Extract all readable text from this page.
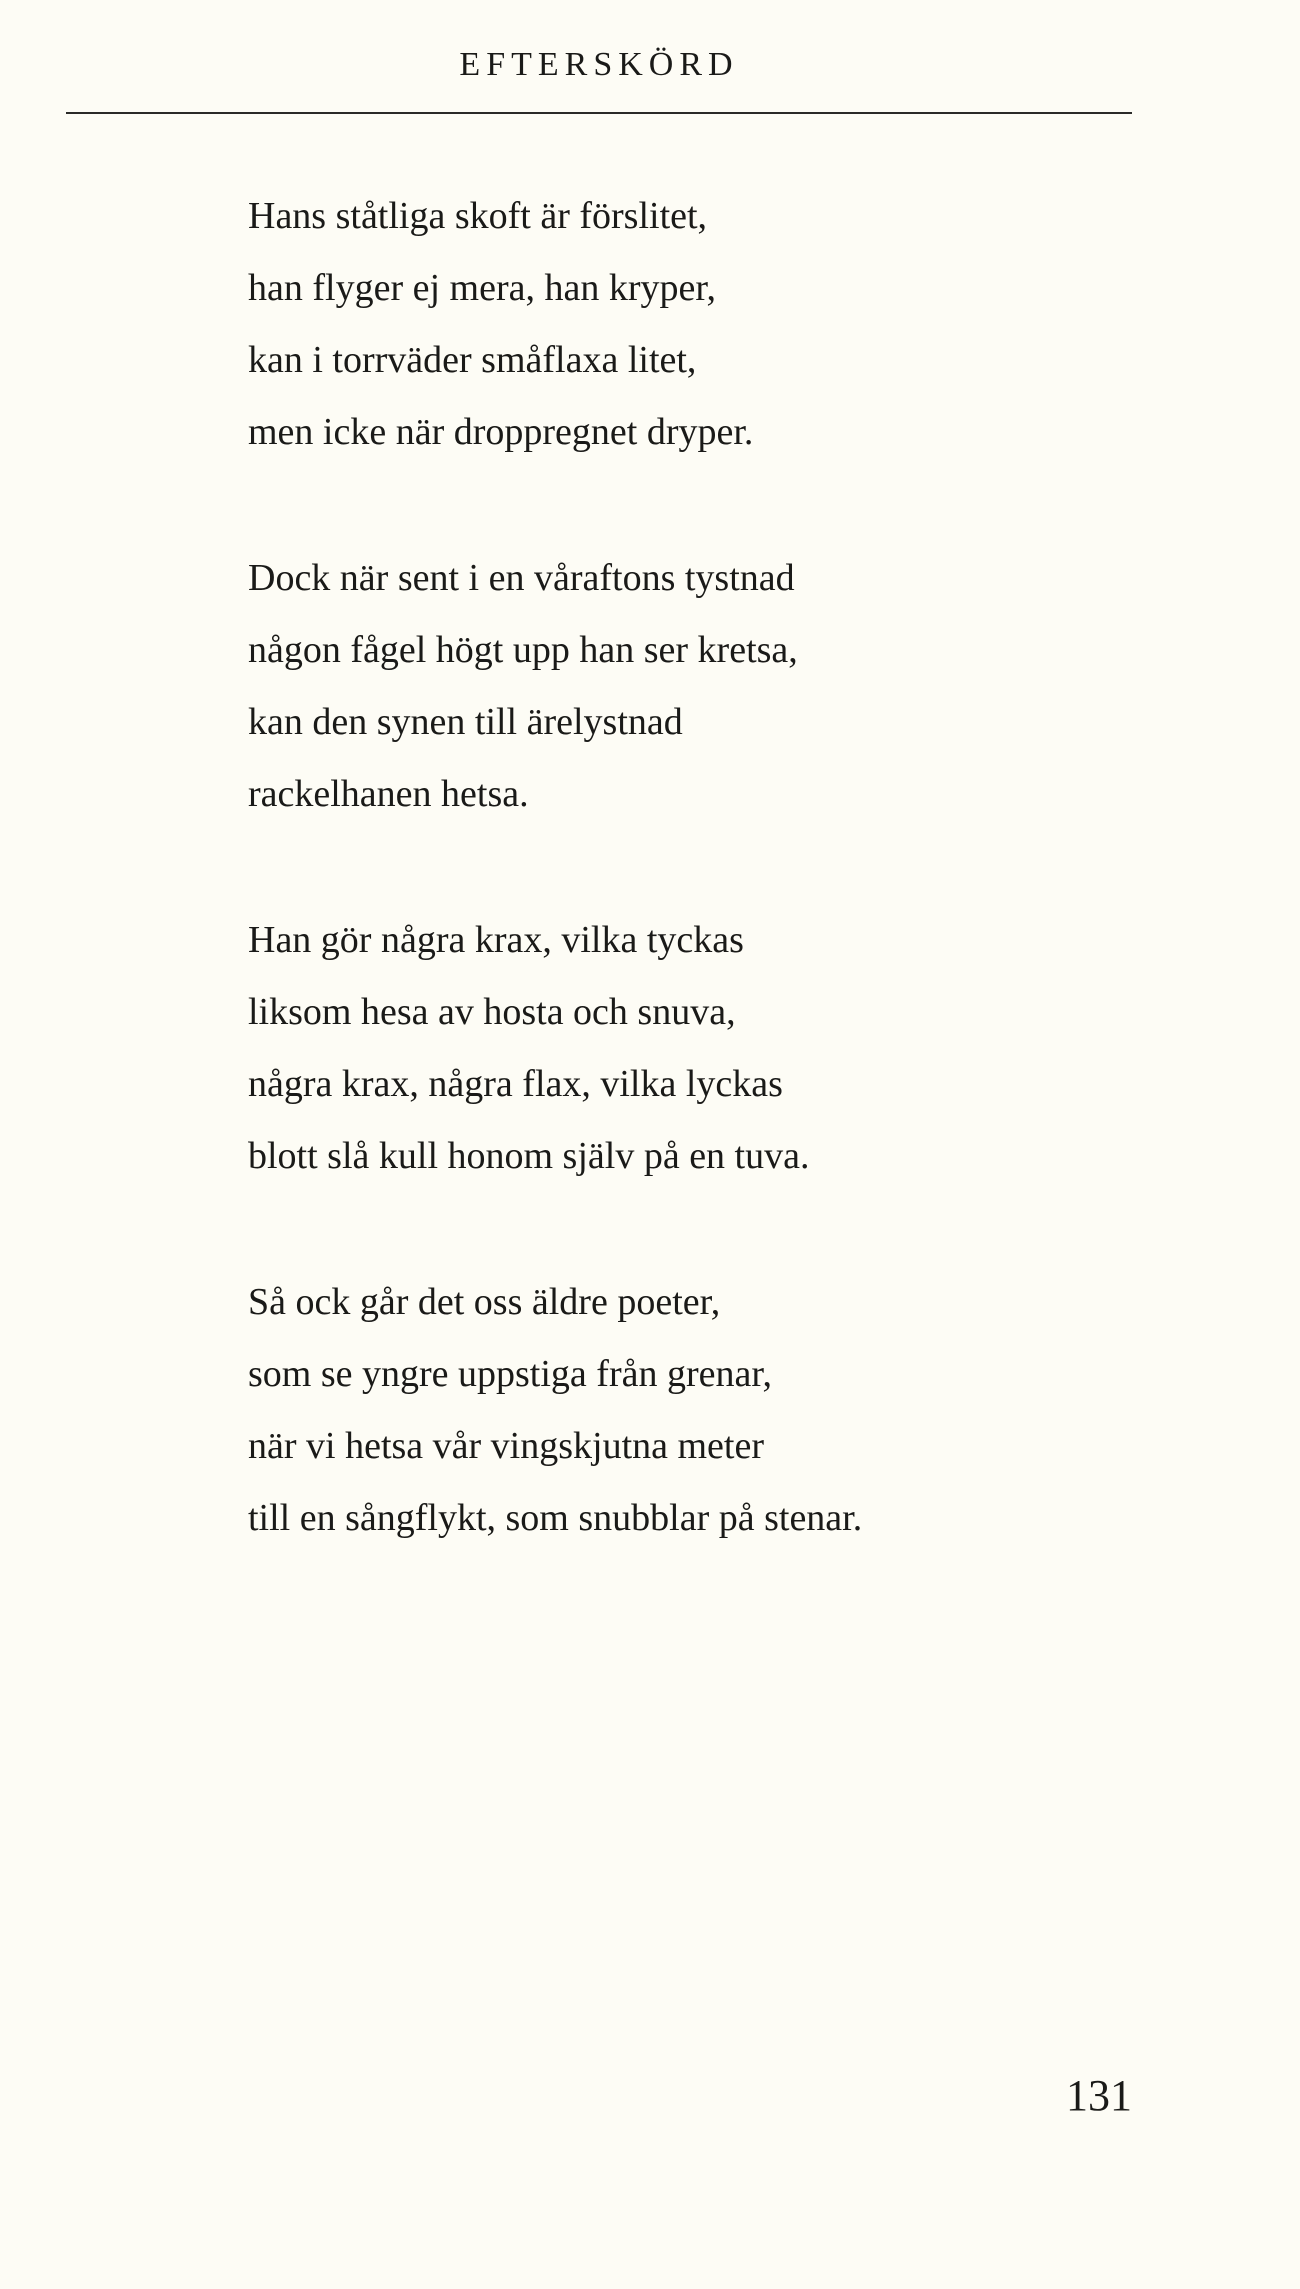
EFTERSKÖRD
Hans ståtliga skoft är förslitet,
han flyger ej mera, han kryper,
kan i torrväder småflaxa litet,
men icke när droppregnet dryper.
Dock när sent i en våraftons tystnad
någon fågel högt upp han ser kretsa,
kan den synen till ärelystnad
rackelhanen hetsa.
Han gör några krax, vilka tyckas
liksom hesa av hosta och snuva,
några krax, några flax, vilka lyckas
blott slå kull honom själv på en tuva.
Så ock går det oss äldre poeter,
som se yngre uppstiga från grenar,
när vi hetsa vår vingskjutna meter
till en sångflykt, som snubblar på stenar.
131
